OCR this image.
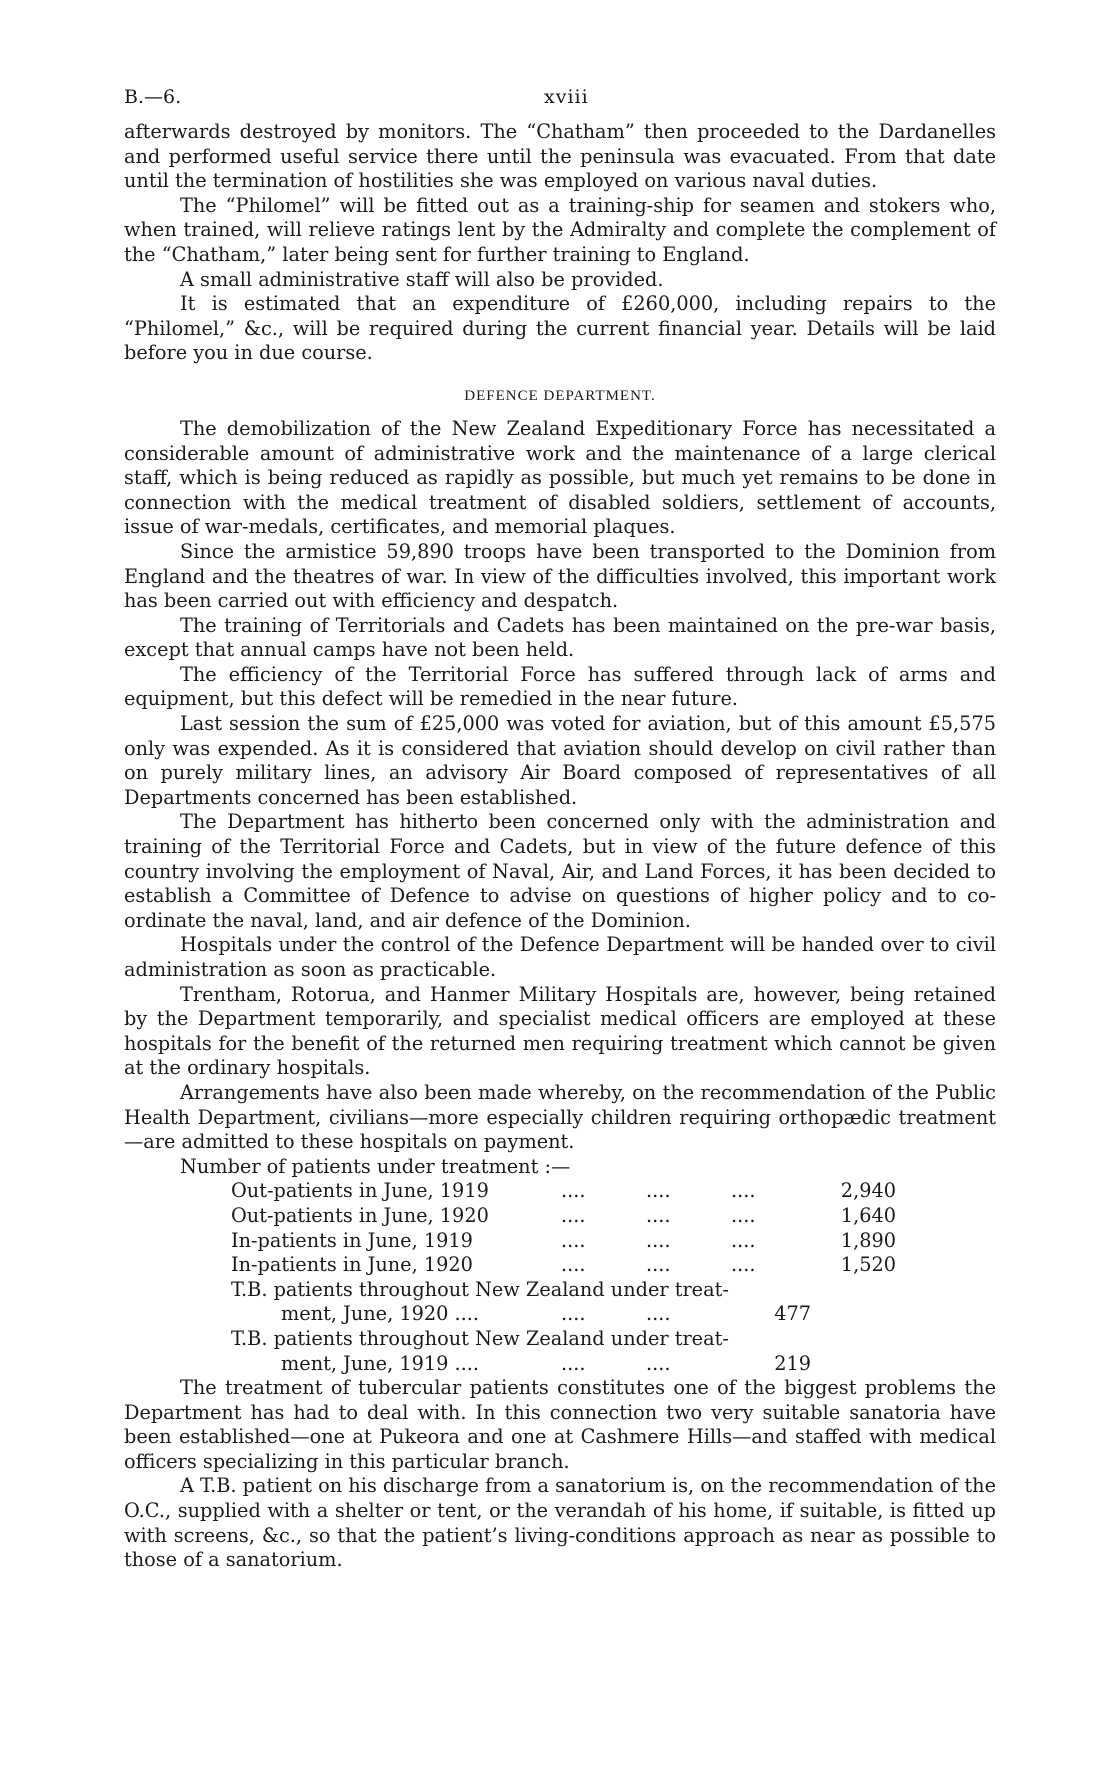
B.—6.	xviii

afterwards destroyed by monitors. The “Chatham” then proceeded to the Dardanelles and performed useful service there until the peninsula was evacuated. From that date until the termination of hostilities she was employed on various naval duties.

The “Philomel” will be fitted out as a training-ship for seamen and stokers who, when trained, will relieve ratings lent by the Admiralty and complete the complement of the “Chatham,” later being sent for further training to England.

A small administrative staff will also be provided.

It is estimated that an expenditure of £260,000, including repairs to the “Philomel,” &c., will be required during the current financial year. Details will be laid before you in due course.

DEFENCE DEPARTMENT.

The demobilization of the New Zealand Expeditionary Force has necessitated a considerable amount of administrative work and the maintenance of a large clerical staff, which is being reduced as rapidly as possible, but much yet remains to be done in connection with the medical treatment of disabled soldiers, settlement of accounts, issue of war-medals, certificates, and memorial plaques.

Since the armistice 59,890 troops have been transported to the Dominion from England and the theatres of war. In view of the difficulties involved, this important work has been carried out with efficiency and despatch.

The training of Territorials and Cadets has been maintained on the pre-war basis, except that annual camps have not been held.

The efficiency of the Territorial Force has suffered through lack of arms and equipment, but this defect will be remedied in the near future.

Last session the sum of £25,000 was voted for aviation, but of this amount £5,575 only was expended. As it is considered that aviation should develop on civil rather than on purely military lines, an advisory Air Board composed of representatives of all Departments concerned has been established.

The Department has hitherto been concerned only with the administration and training of the Territorial Force and Cadets, but in view of the future defence of this country involving the employment of Naval, Air, and Land Forces, it has been decided to establish a Committee of Defence to advise on questions of higher policy and to co-ordinate the naval, land, and air defence of the Dominion.

Hospitals under the control of the Defence Department will be handed over to civil administration as soon as practicable.

Trentham, Rotorua, and Hanmer Military Hospitals are, however, being retained by the Department temporarily, and specialist medical officers are employed at these hospitals for the benefit of the returned men requiring treatment which cannot be given at the ordinary hospitals.

Arrangements have also been made whereby, on the recommendation of the Public Health Department, civilians—more especially children requiring orthopædic treatment—are admitted to these hospitals on payment.

Number of patients under treatment :—

Out-patients in June, 1919	....	....	....	2,940
Out-patients in June, 1920	....	....	....	1,640
In-patients in June, 1919	....	....	....	1,890
In-patients in June, 1920	....	....	....	1,520
T.B. patients throughout New Zealand under treat-
ment, June, 1920 ....	....	....	477
T.B. patients throughout New Zealand under treat-
ment, June, 1919 ....	....	....	219

The treatment of tubercular patients constitutes one of the biggest problems the Department has had to deal with. In this connection two very suitable sanatoria have been established—one at Pukeora and one at Cashmere Hills—and staffed with medical officers specializing in this particular branch.

A T.B. patient on his discharge from a sanatorium is, on the recommendation of the O.C., supplied with a shelter or tent, or the verandah of his home, if suitable, is fitted up with screens, &c., so that the patient’s living-conditions approach as near as possible to those of a sanatorium.
